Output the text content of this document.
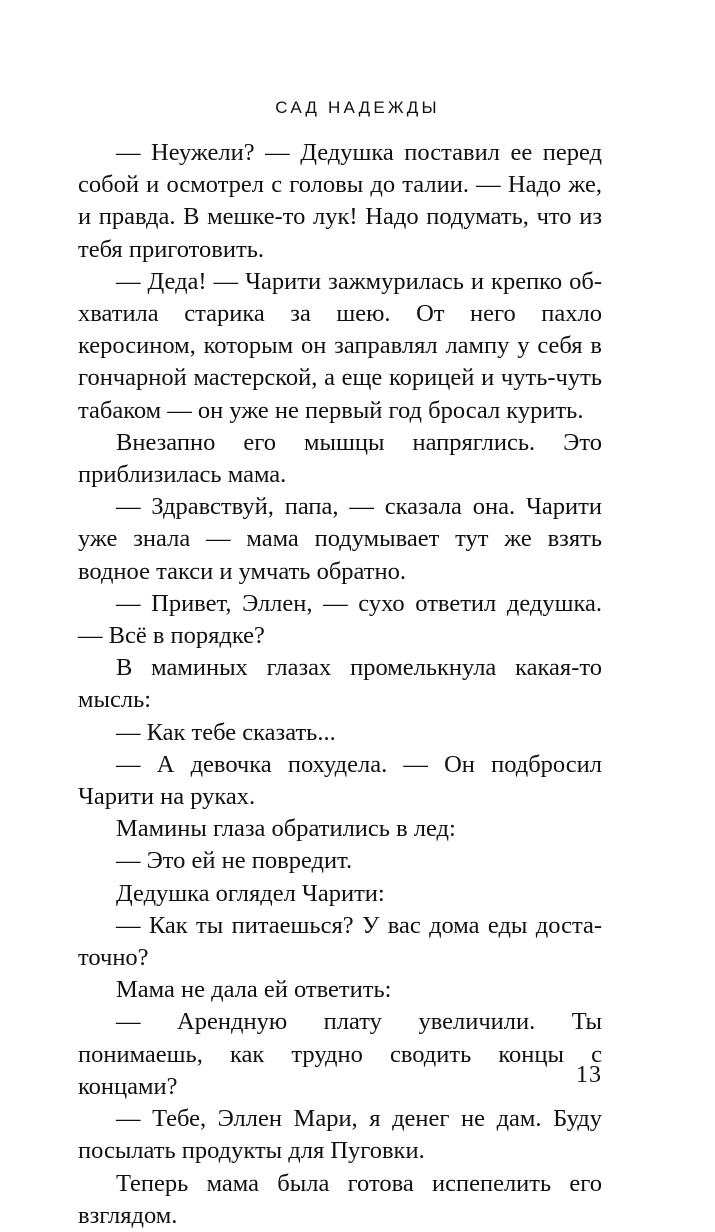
САД НАДЕЖДЫ

— Неужели? — Дедушка поставил ее перед собой и осмотрел с головы до талии. — Надо же, и правда. В мешке-то лук! Надо подумать, что из тебя приготовить.

— Деда! — Чарити зажмурилась и крепко обхватила старика за шею. От него пахло керосином, которым он заправлял лампу у себя в гончарной мастерской, а еще корицей и чуть-чуть табаком — он уже не первый год бросал курить.

Внезапно его мышцы напряглись. Это приблизилась мама.

— Здравствуй, папа, — сказала она. Чарити уже знала — мама подумывает тут же взять водное такси и умчать обратно.

— Привет, Эллен, — сухо ответил дедушка. — Всё в порядке?

В маминых глазах промелькнула какая-то мысль:

— Как тебе сказать...

— А девочка похудела. — Он подбросил Чарити на руках.

Мамины глаза обратились в лед:

— Это ей не повредит.

Дедушка оглядел Чарити:

— Как ты питаешься? У вас дома еды достаточно?

Мама не дала ей ответить:

— Арендную плату увеличили. Ты понимаешь, как трудно сводить концы с концами?

— Тебе, Эллен Мари, я денег не дам. Буду посылать продукты для Пуговки.

Теперь мама была готова испепелить его взглядом.

13
